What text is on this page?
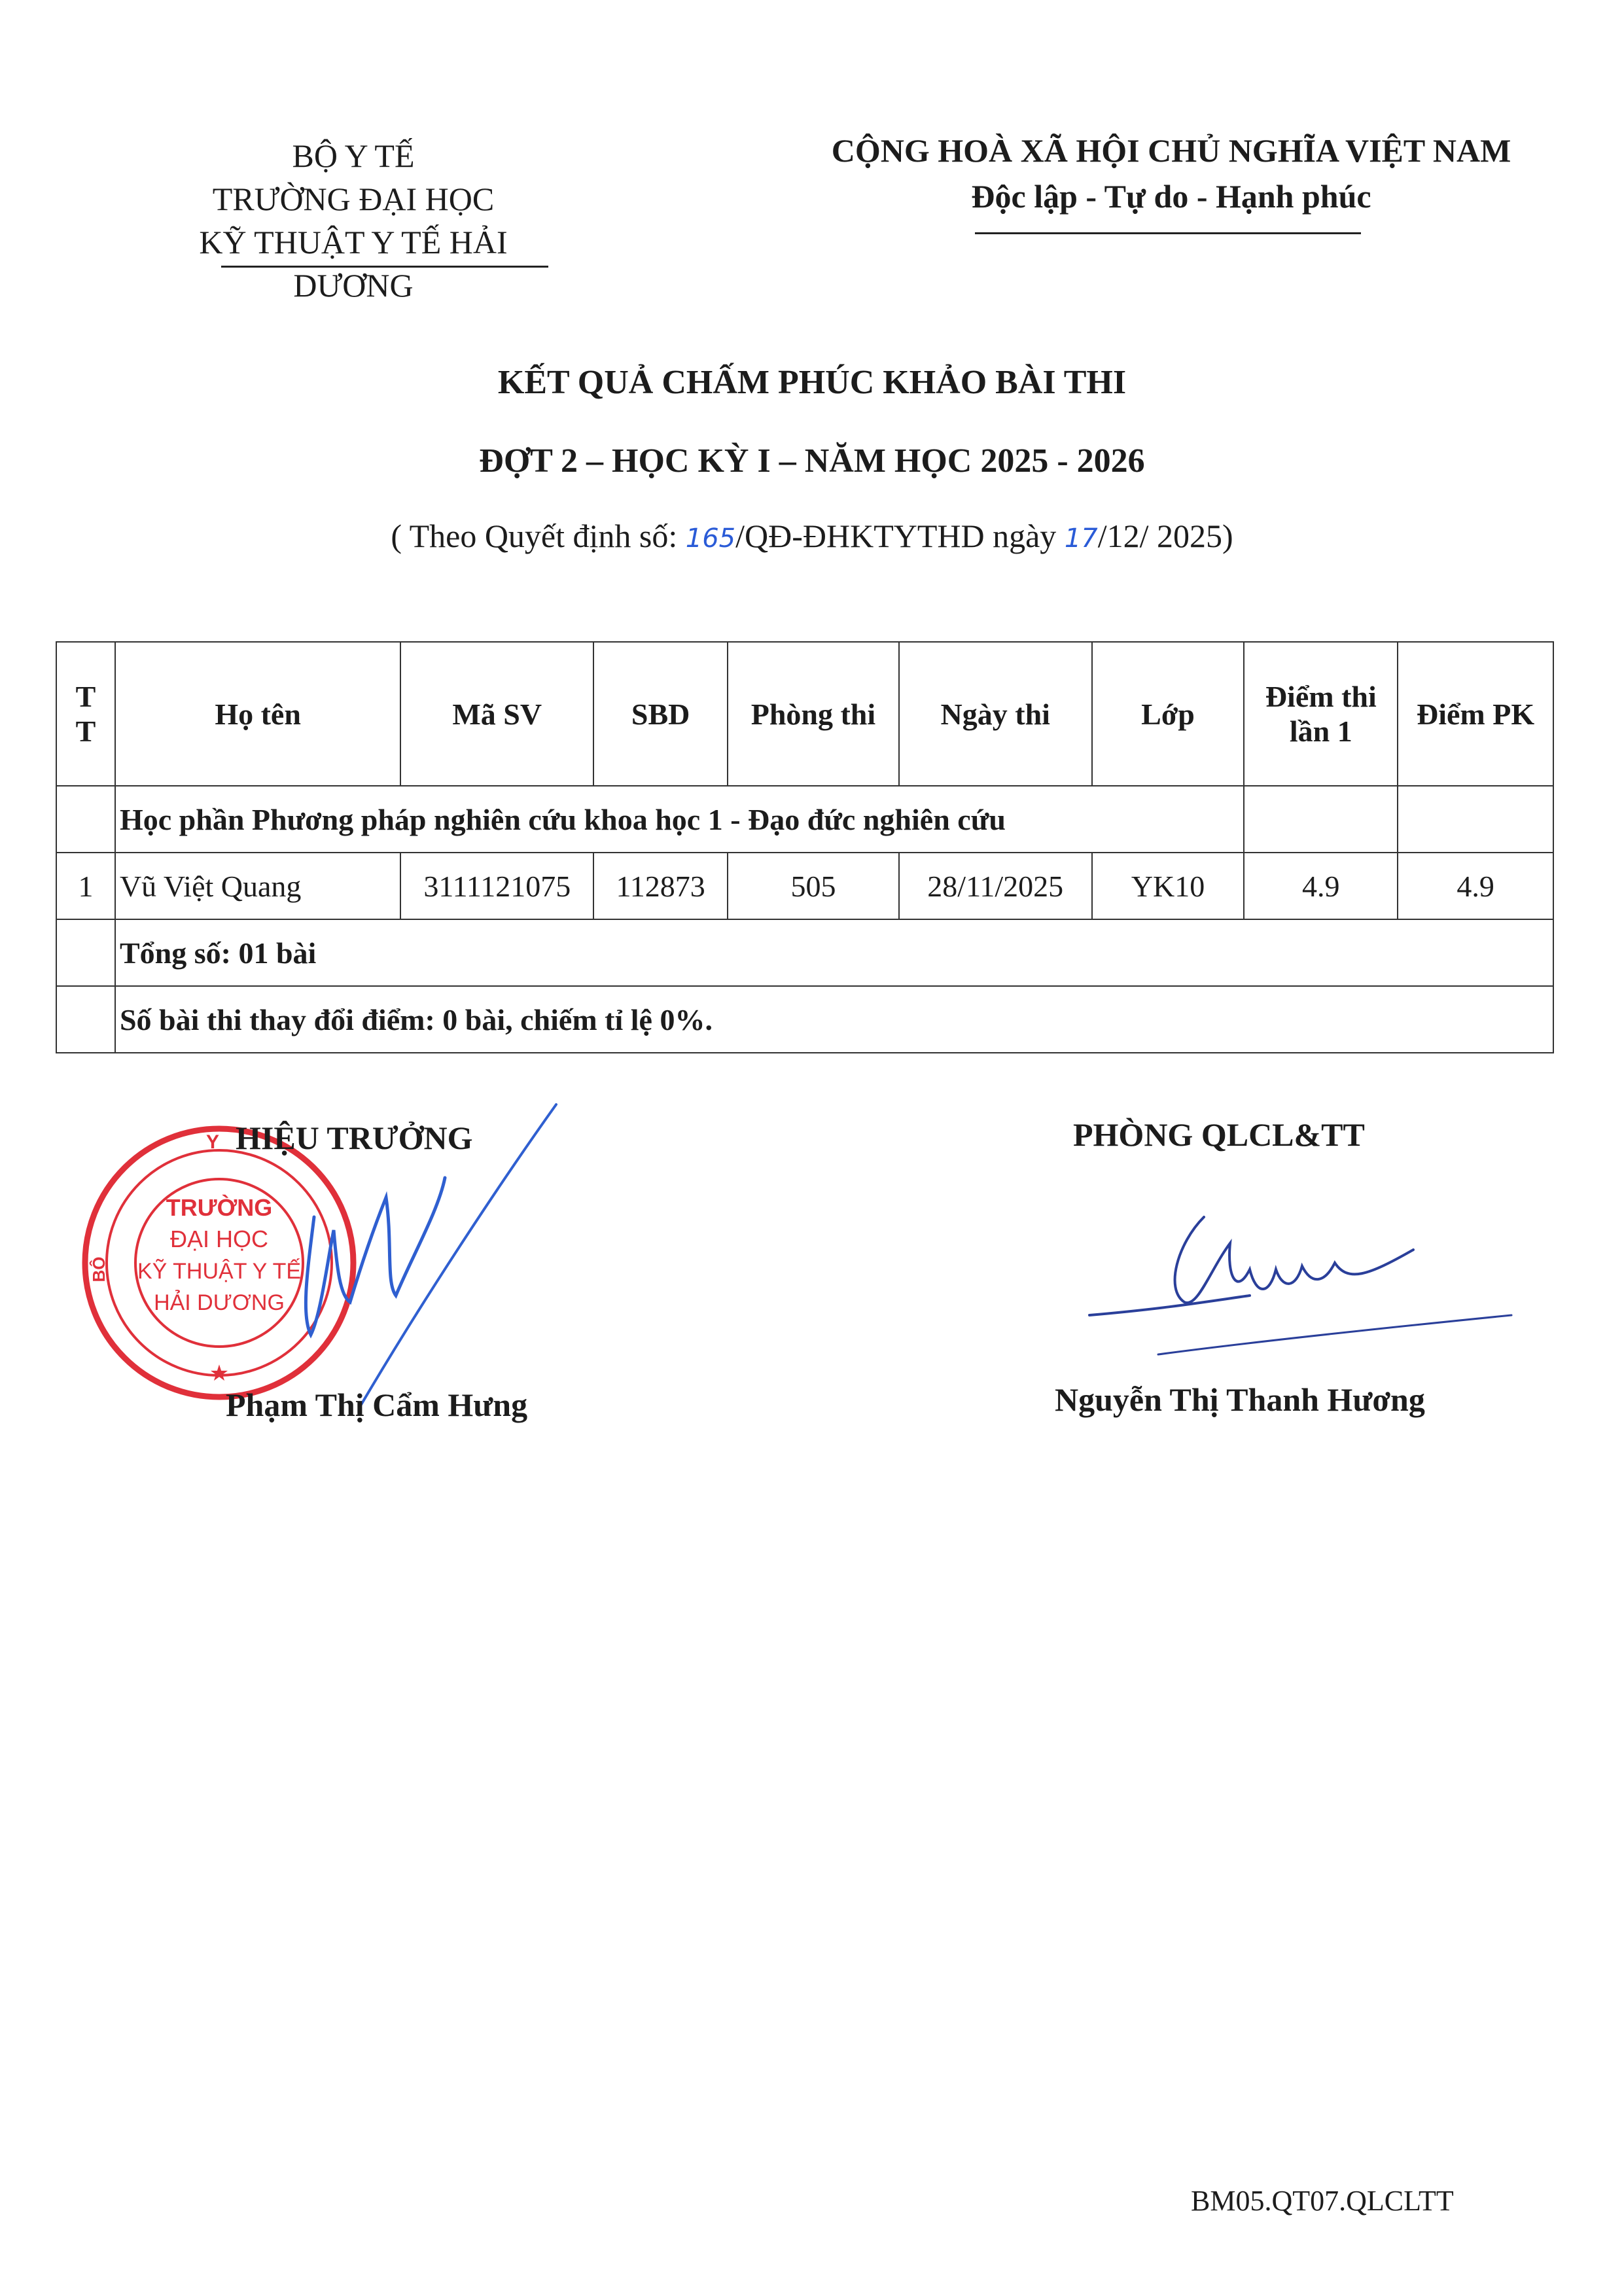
BỘ Y TẾ
TRƯỜNG ĐẠI HỌC
KỸ THUẬT Y TẾ HẢI DƯƠNG
CỘNG HOÀ XÃ HỘI CHỦ NGHĨA VIỆT NAM
Độc lập - Tự do - Hạnh phúc
KẾT QUẢ CHẤM PHÚC KHẢO BÀI THI
ĐỢT 2 – HỌC KỲ I – NĂM HỌC 2025 - 2026
( Theo Quyết định số: 165/QĐ-ĐHKTYTHD ngày 17/12/ 2025)
T T	Họ tên	Mã SV	SBD	Phòng thi	Ngày thi	Lớp	Điểm thi lần 1	Điểm PK
	Học phần Phương pháp nghiên cứu khoa học 1 - Đạo đức nghiên cứu							
1	Vũ Việt Quang	3111121075	112873	505	28/11/2025	YK10	4.9	4.9
	Tổng số: 01 bài							
	Số bài thi thay đổi điểm: 0 bài, chiếm tỉ lệ 0%.							
Y
BỘ
TRƯỜNG
ĐẠI HỌC
KỸ THUẬT Y TẾ
HẢI DƯƠNG
★
HIỆU TRƯỞNG	PHÒNG QLCL&TT
Phạm Thị Cẩm Hưng	Nguyễn Thị Thanh Hương
BM05.QT07.QLCLTT
